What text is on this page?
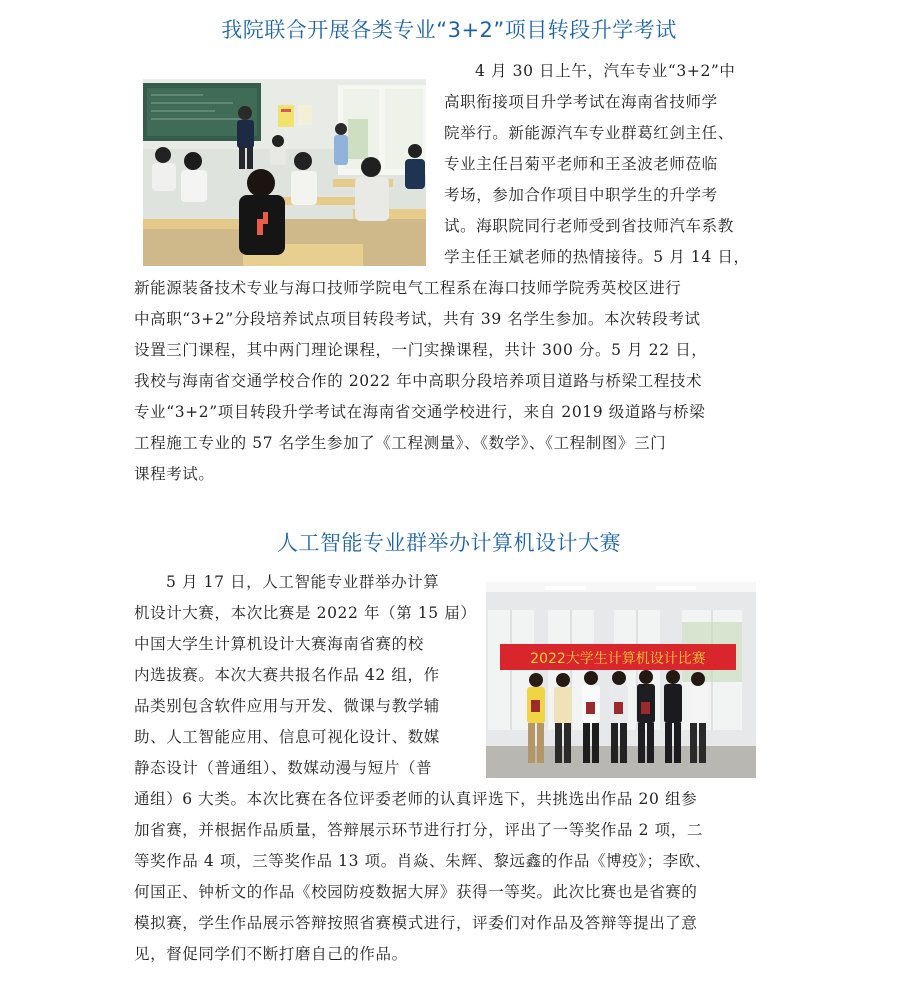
我院联合开展各类专业“3+2”项目转段升学考试

4 月 30 日上午，汽车专业“3+2”中

高职衔接项目升学考试在海南省技师学

院举行。新能源汽车专业群葛红剑主任、

专业主任吕菊平老师和王圣波老师莅临

考场，参加合作项目中职学生的升学考

试。海职院同行老师受到省技师汽车系教

学主任王斌老师的热情接待。5 月 14 日，

新能源装备技术专业与海口技师学院电气工程系在海口技师学院秀英校区进行

中高职“3+2”分段培养试点项目转段考试，共有 39 名学生参加。本次转段考试

设置三门课程，其中两门理论课程，一门实操课程，共计 300 分。5 月 22 日，

我校与海南省交通学校合作的 2022 年中高职分段培养项目道路与桥梁工程技术

专业“3+2”项目转段升学考试在海南省交通学校进行，来自 2019 级道路与桥梁

工程施工专业的 57 名学生参加了《工程测量》、《数学》、《工程制图》三门

课程考试。

人工智能专业群举办计算机设计大赛
2022大学生计算机设计比赛

5 月 17 日，人工智能专业群举办计算

机设计大赛，本次比赛是 2022 年（第 15 届）

中国大学生计算机设计大赛海南省赛的校

内选拔赛。本次大赛共报名作品 42 组，作

品类别包含软件应用与开发、微课与教学辅

助、人工智能应用、信息可视化设计、数媒

静态设计（普通组）、数媒动漫与短片（普

通组）6 大类。本次比赛在各位评委老师的认真评选下，共挑选出作品 20 组参

加省赛，并根据作品质量，答辩展示环节进行打分，评出了一等奖作品 2 项，二

等奖作品 4 项，三等奖作品 13 项。肖焱、朱辉、黎远鑫的作品《博疫》；李欧、

何国正、钟析文的作品《校园防疫数据大屏》获得一等奖。此次比赛也是省赛的

模拟赛，学生作品展示答辩按照省赛模式进行，评委们对作品及答辩等提出了意

见，督促同学们不断打磨自己的作品。
